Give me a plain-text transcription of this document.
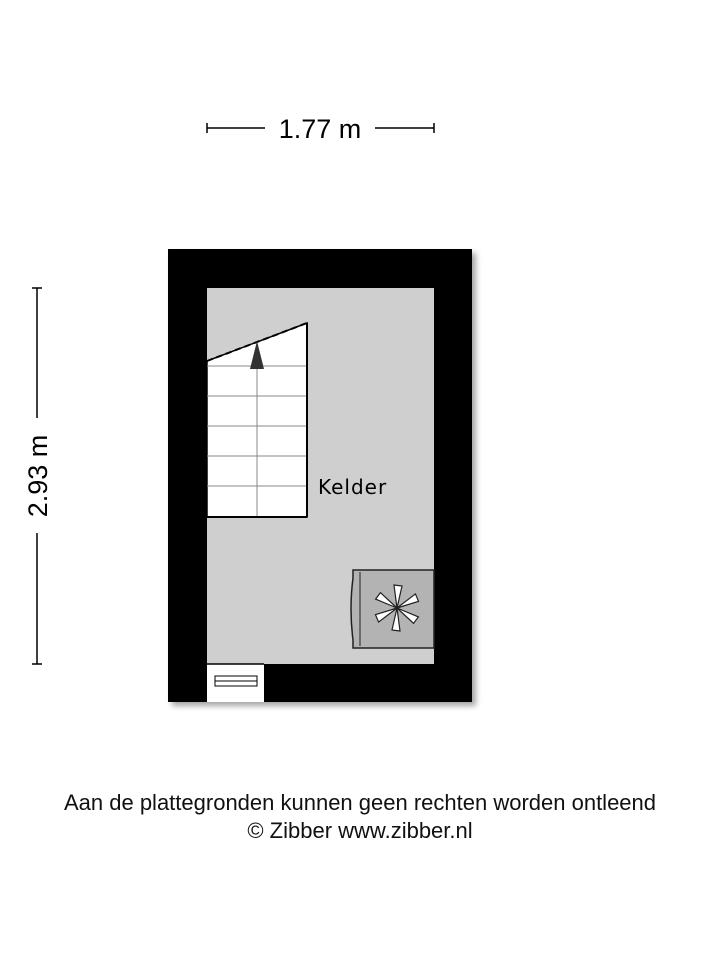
1.77 m
2.93 m	Kelder
Aan de plattegronden kunnen geen rechten worden ontleend
© Zibber www.zibber.nl
